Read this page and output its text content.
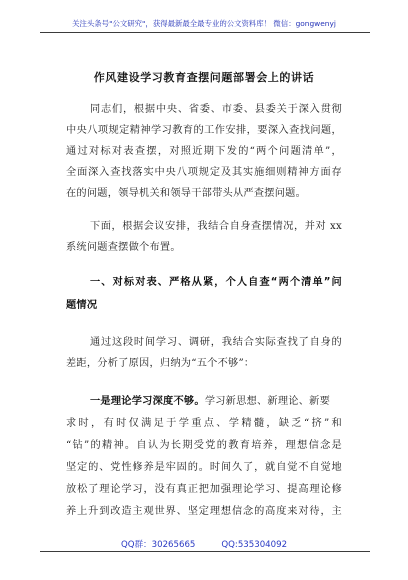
关注头条号"公文研究"，获得最新最全最专业的公文资料库！ 微信：gongwenyj
作风建设学习教育查摆问题部署会上的讲话
同志们，根据中央、省委、市委、县委关于深入贯彻
中央八项规定精神学习教育的工作安排，要深入查找问题，
通过对标对表查摆，对照近期下发的“两个问题清单”，
全面深入查找落实中央八项规定及其实施细则精神方面存
在的问题，领导机关和领导干部带头从严查摆问题。
下面，根据会议安排，我结合自身查摆情况，并对 xx
系统问题查摆做个布置。
一、对标对表、严格从紧，个人自查“两个清单”问
题情况
通过这段时间学习、调研，我结合实际查找了自身的
差距，分析了原因，归纳为“五个不够”：
一是理论学习深度不够。学习新思想、新理论、新要
求时，有时仅满足于学重点、学精髓，缺乏“挤”和
“钻”的精神。自认为长期受党的教育培养，理想信念是
坚定的、党性修养是牢固的。时间久了，就自觉不自觉地
放松了理论学习，没有真正把加强理论学习、提高理论修
养上升到改造主观世界、坚定理想信念的高度来对待，主
QQ群：30265665	QQ:535304092
